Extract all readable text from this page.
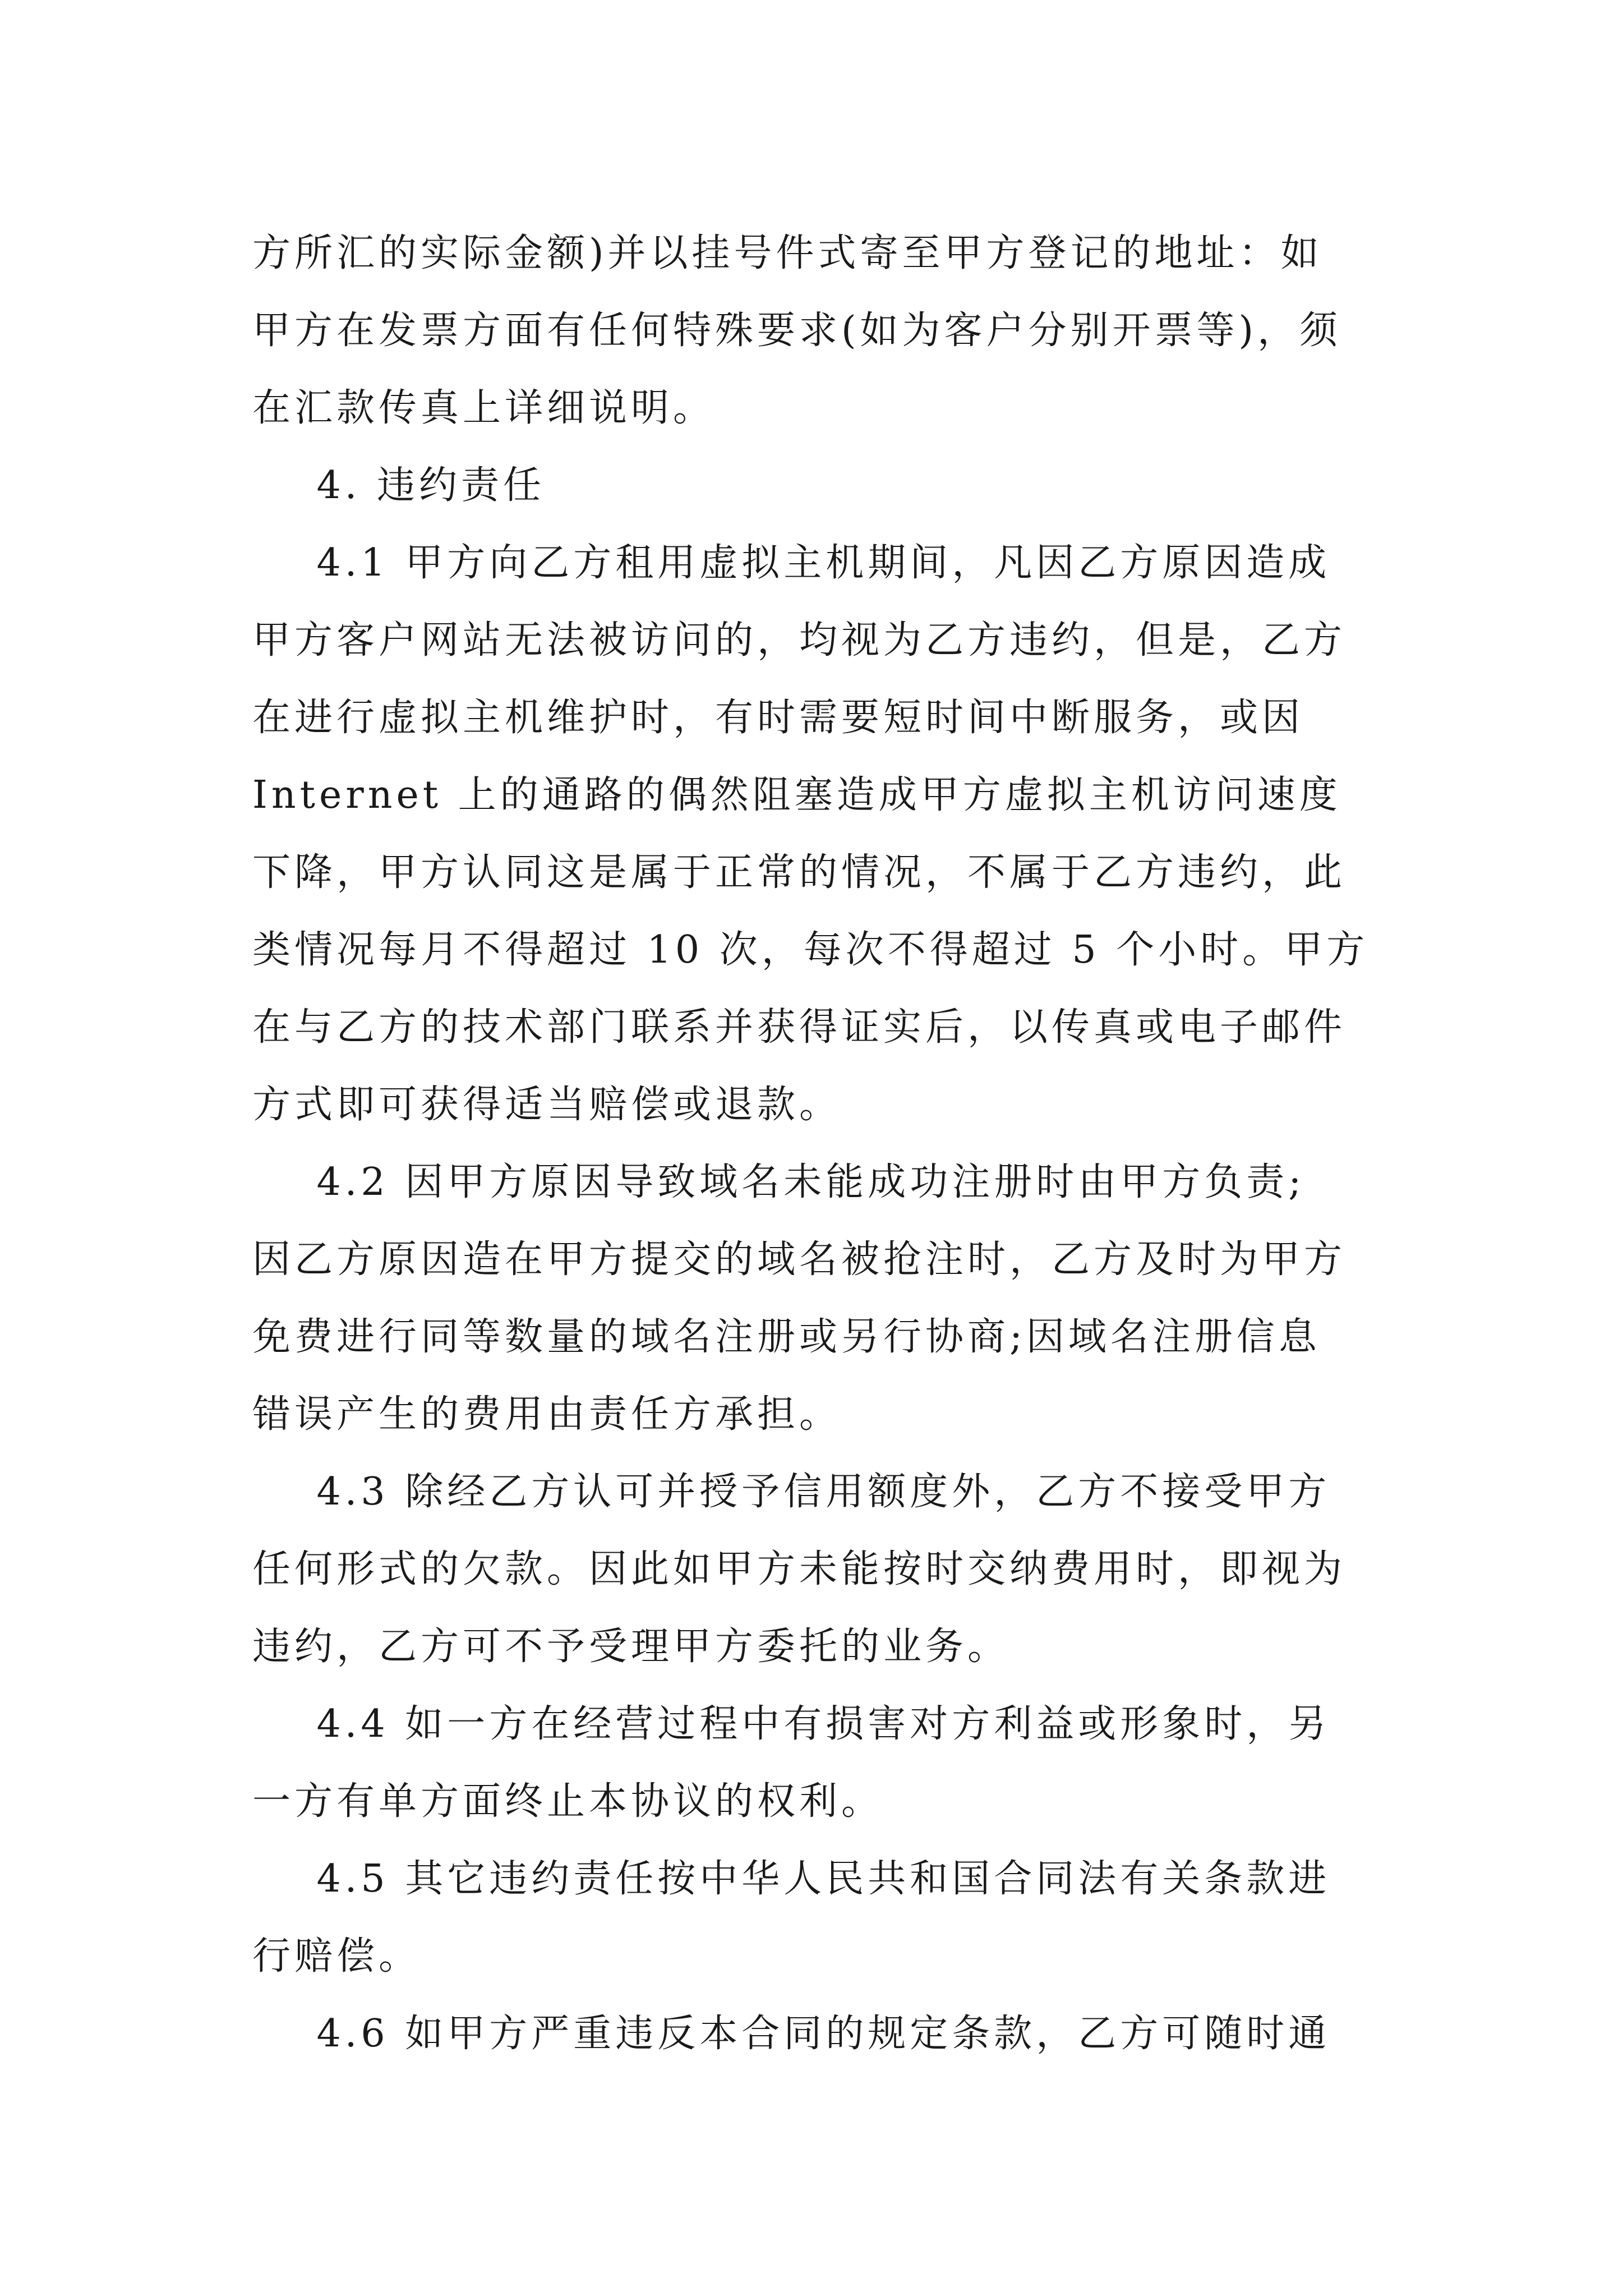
方所汇的实际金额)并以挂号件式寄至甲方登记的地址：如
甲方在发票方面有任何特殊要求(如为客户分别开票等)，须
在汇款传真上详细说明。
4. 违约责任
4.1 甲方向乙方租用虚拟主机期间，凡因乙方原因造成
甲方客户网站无法被访问的，均视为乙方违约，但是，乙方
在进行虚拟主机维护时，有时需要短时间中断服务，或因
Internet 上的通路的偶然阻塞造成甲方虚拟主机访问速度
下降，甲方认同这是属于正常的情况，不属于乙方违约，此
类情况每月不得超过 10 次，每次不得超过 5 个小时。甲方
在与乙方的技术部门联系并获得证实后，以传真或电子邮件
方式即可获得适当赔偿或退款。
4.2 因甲方原因导致域名未能成功注册时由甲方负责;
因乙方原因造在甲方提交的域名被抢注时，乙方及时为甲方
免费进行同等数量的域名注册或另行协商;因域名注册信息
错误产生的费用由责任方承担。
4.3 除经乙方认可并授予信用额度外，乙方不接受甲方
任何形式的欠款。因此如甲方未能按时交纳费用时，即视为
违约，乙方可不予受理甲方委托的业务。
4.4 如一方在经营过程中有损害对方利益或形象时，另
一方有单方面终止本协议的权利。
4.5 其它违约责任按中华人民共和国合同法有关条款进
行赔偿。
4.6 如甲方严重违反本合同的规定条款，乙方可随时通
